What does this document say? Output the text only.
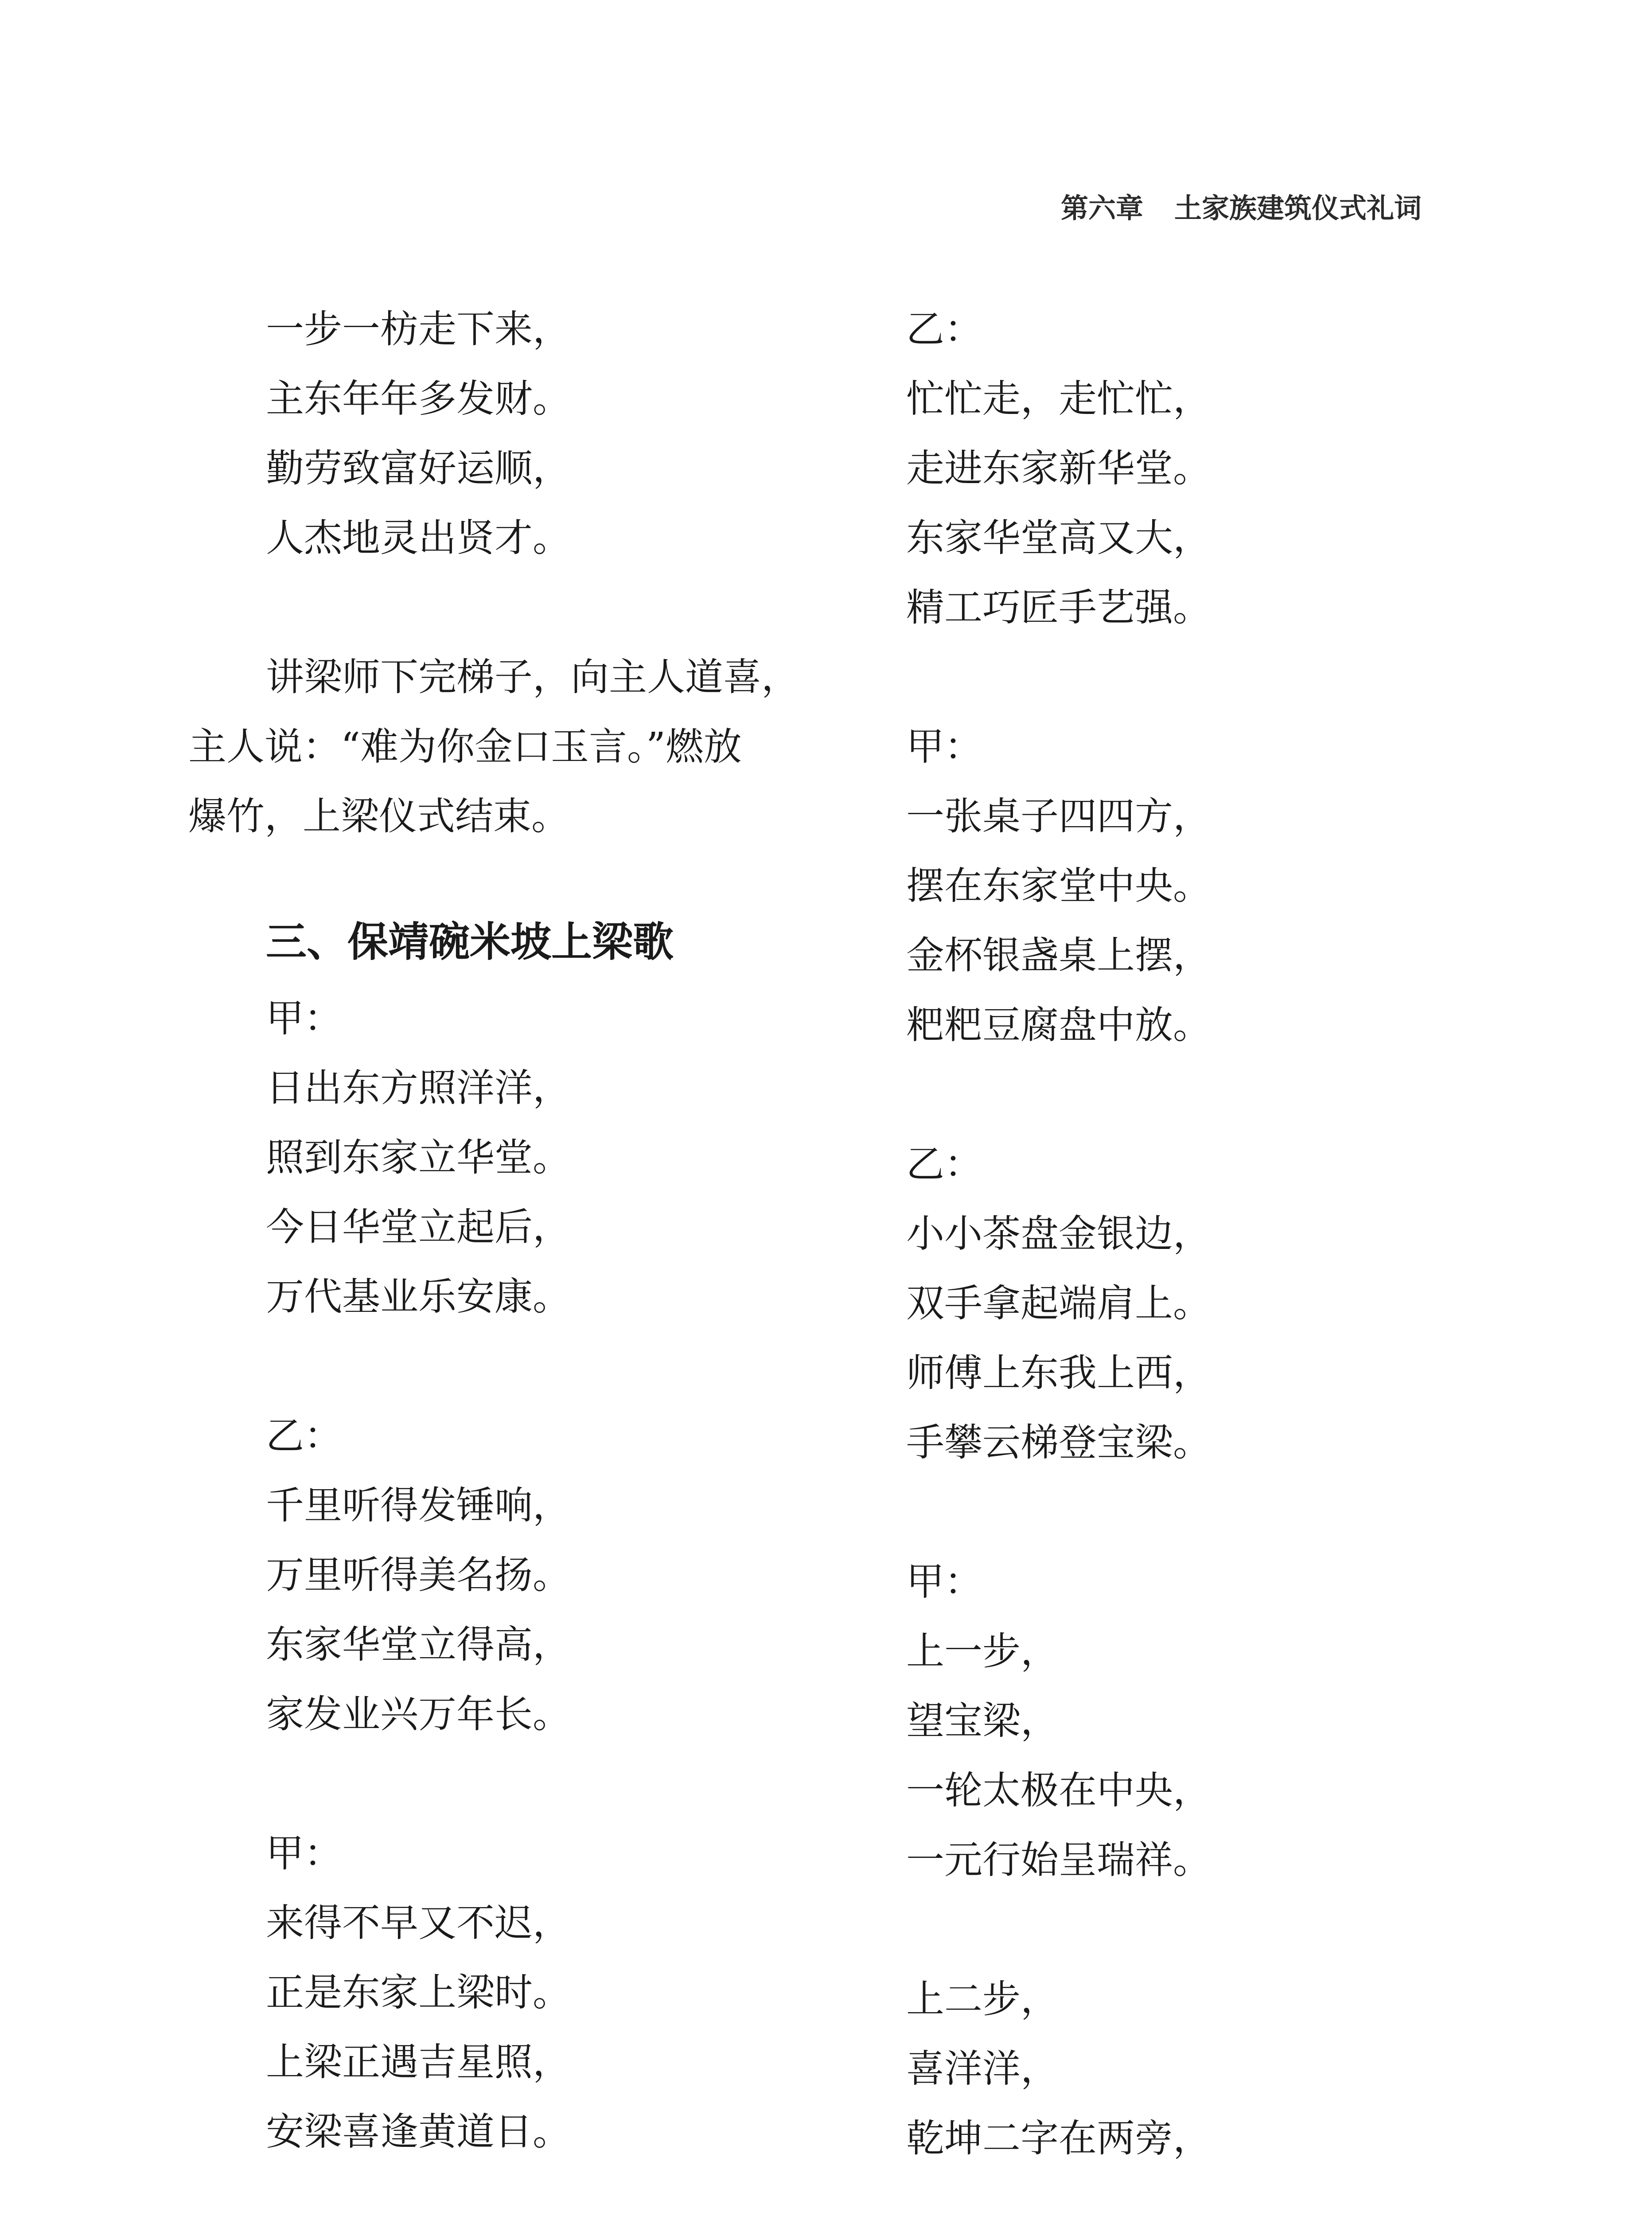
第六章 土家族建筑仪式礼词
一步一枋走下来，
主东年年多发财。
勤劳致富好运顺，
人杰地灵出贤才。
讲梁师下完梯子，向主人道喜，
主人说：“难为你金口玉言。”燃放
爆竹，上梁仪式结束。
三、保靖碗米坡上梁歌
甲：
日出东方照洋洋，
照到东家立华堂。
今日华堂立起后，
万代基业乐安康。
乙：
千里听得发锤响，
万里听得美名扬。
东家华堂立得高，
家发业兴万年长。
甲：
来得不早又不迟，
正是东家上梁时。
上梁正遇吉星照，
安梁喜逢黄道日。
乙：
忙忙走，走忙忙，
走进东家新华堂。
东家华堂高又大，
精工巧匠手艺强。
甲：
一张桌子四四方，
摆在东家堂中央。
金杯银盏桌上摆，
粑粑豆腐盘中放。
乙：
小小茶盘金银边，
双手拿起端肩上。
师傅上东我上西，
手攀云梯登宝梁。
甲：
上一步，
望宝梁，
一轮太极在中央，
一元行始呈瑞祥。
上二步，
喜洋洋，
乾坤二字在两旁，
